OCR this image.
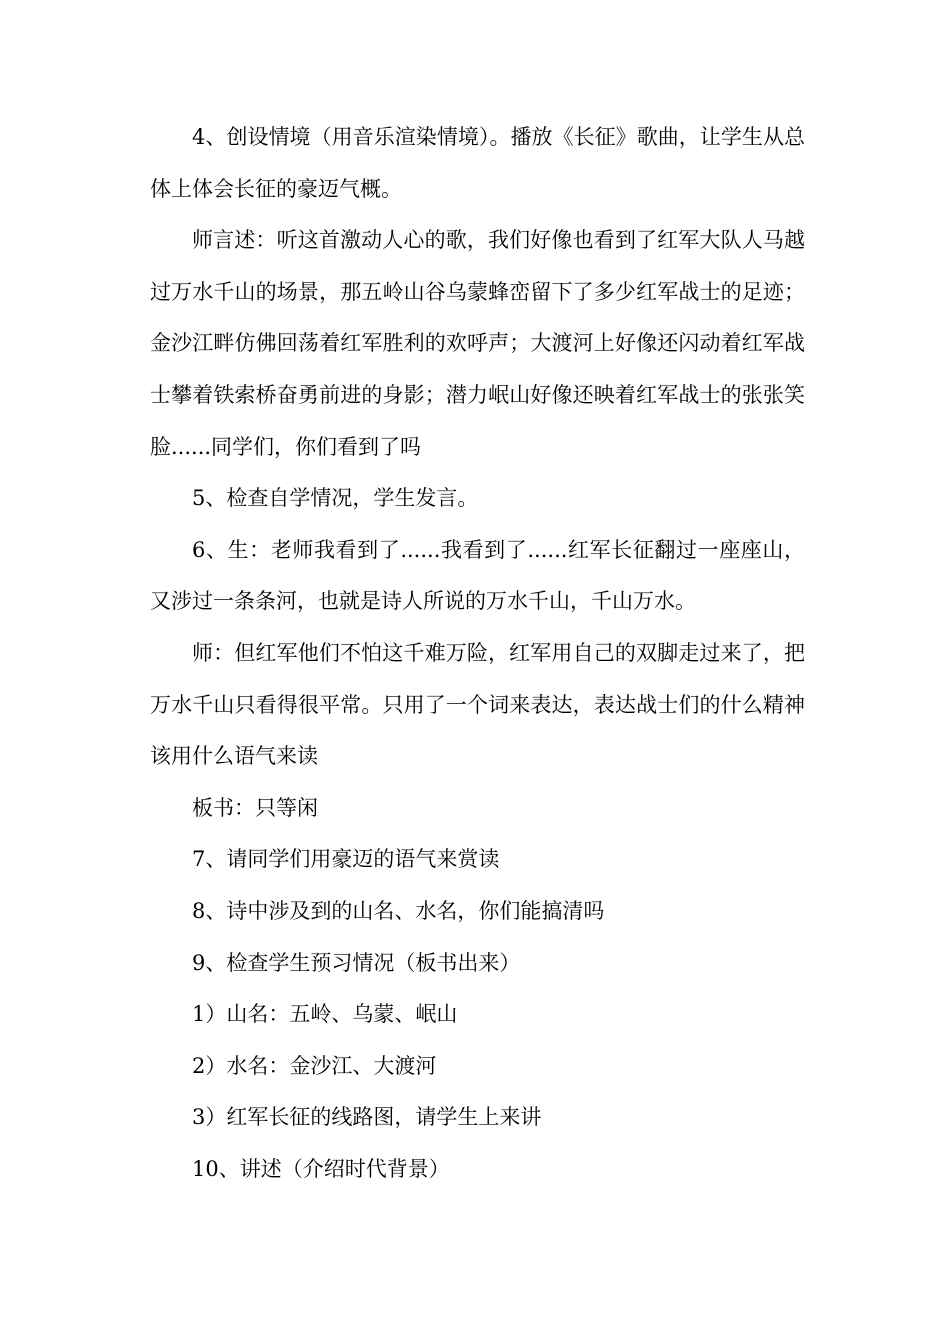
4、创设情境（用音乐渲染情境）。播放《长征》歌曲，让学生从总体上体会长征的豪迈气概。

师言述：听这首激动人心的歌，我们好像也看到了红军大队人马越过万水千山的场景，那五岭山谷乌蒙蜂峦留下了多少红军战士的足迹；金沙江畔仿佛回荡着红军胜利的欢呼声；大渡河上好像还闪动着红军战士攀着铁索桥奋勇前进的身影；潜力岷山好像还映着红军战士的张张笑脸......同学们，你们看到了吗

5、检查自学情况，学生发言。

6、生：老师我看到了......我看到了......红军长征翻过一座座山，又涉过一条条河，也就是诗人所说的万水千山，千山万水。

师：但红军他们不怕这千难万险，红军用自己的双脚走过来了，把万水千山只看得很平常。只用了一个词来表达，表达战士们的什么精神该用什么语气来读

板书：只等闲

7、请同学们用豪迈的语气来赏读

8、诗中涉及到的山名、水名，你们能搞清吗

9、检查学生预习情况（板书出来）

1）山名：五岭、乌蒙、岷山

2）水名：金沙江、大渡河

3）红军长征的线路图，请学生上来讲

10、讲述（介绍时代背景）
